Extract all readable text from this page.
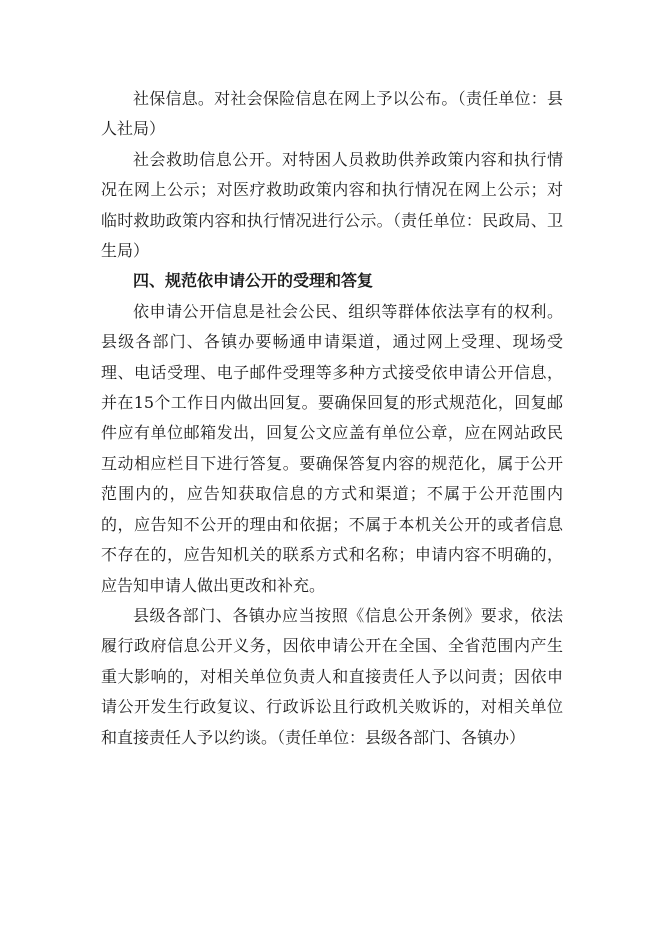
社保信息。对社会保险信息在网上予以公布。（责任单位：县人社局）

社会救助信息公开。对特困人员救助供养政策内容和执行情况在网上公示；对医疗救助政策内容和执行情况在网上公示；对临时救助政策内容和执行情况进行公示。（责任单位：民政局、卫生局）

四、规范依申请公开的受理和答复

依申请公开信息是社会公民、组织等群体依法享有的权利。县级各部门、各镇办要畅通申请渠道，通过网上受理、现场受理、电话受理、电子邮件受理等多种方式接受依申请公开信息，并在15个工作日内做出回复。要确保回复的形式规范化，回复邮件应有单位邮箱发出，回复公文应盖有单位公章，应在网站政民互动相应栏目下进行答复。要确保答复内容的规范化，属于公开范围内的，应告知获取信息的方式和渠道；不属于公开范围内的，应告知不公开的理由和依据；不属于本机关公开的或者信息不存在的，应告知机关的联系方式和名称；申请内容不明确的，应告知申请人做出更改和补充。

县级各部门、各镇办应当按照《信息公开条例》要求，依法履行政府信息公开义务，因依申请公开在全国、全省范围内产生重大影响的，对相关单位负责人和直接责任人予以问责；因依申请公开发生行政复议、行政诉讼且行政机关败诉的，对相关单位和直接责任人予以约谈。（责任单位：县级各部门、各镇办）
